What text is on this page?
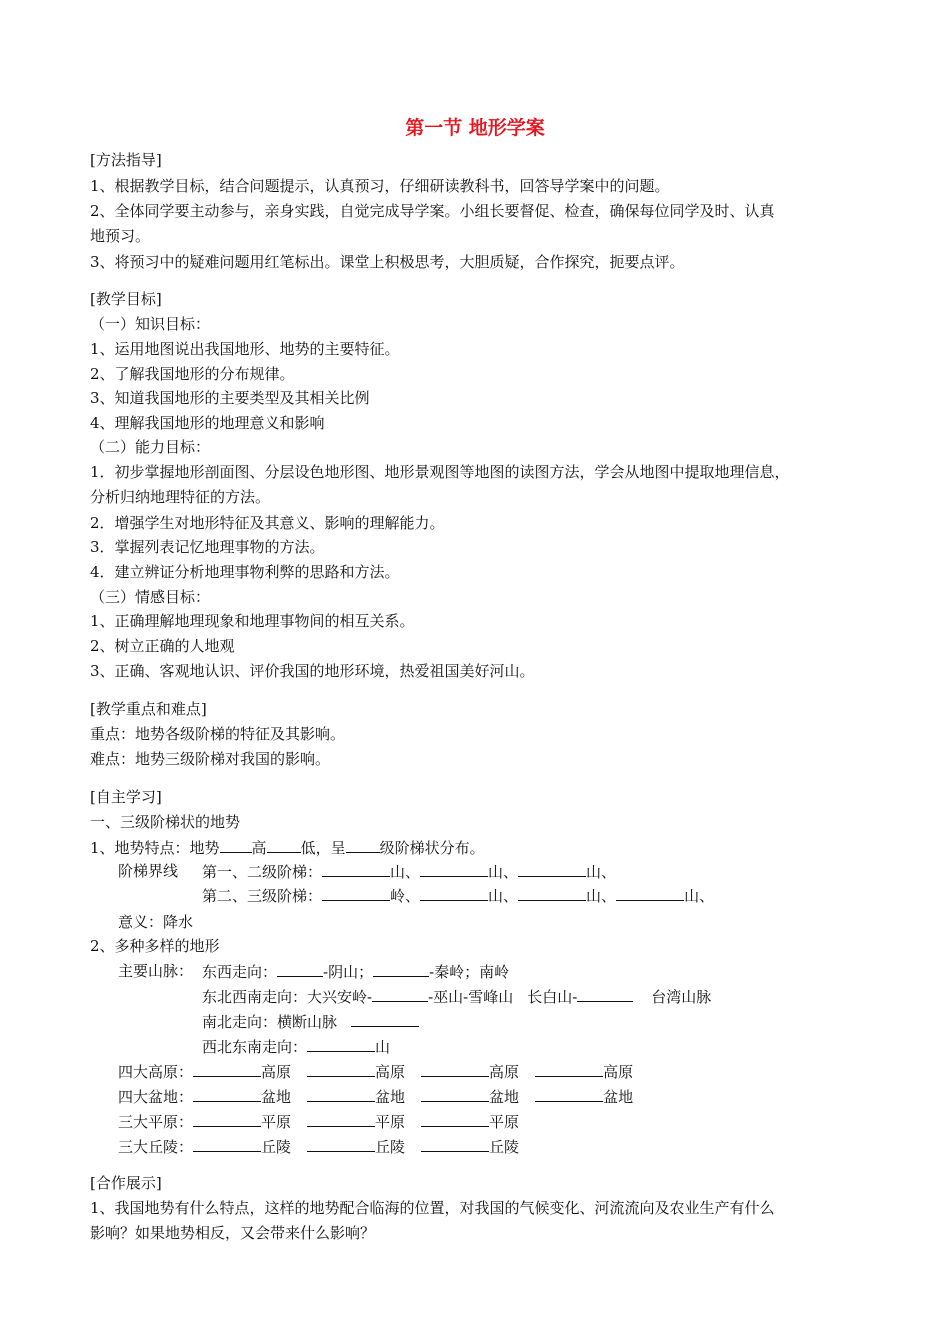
第一节 地形学案
[方法指导]
1、根据教学目标，结合问题提示，认真预习，仔细研读教科书，回答导学案中的问题。
2、全体同学要主动参与，亲身实践，自觉完成导学案。小组长要督促、检查，确保每位同学及时、认真
地预习。
3、将预习中的疑难问题用红笔标出。课堂上积极思考，大胆质疑，合作探究，扼要点评。
[教学目标]
（一）知识目标：
1、运用地图说出我国地形、地势的主要特征。
2、了解我国地形的分布规律。
3、知道我国地形的主要类型及其相关比例
4、理解我国地形的地理意义和影响
（二）能力目标：
1．初步掌握地形剖面图、分层设色地形图、地形景观图等地图的读图方法，学会从地图中提取地理信息，
分析归纳地理特征的方法。
2．增强学生对地形特征及其意义、影响的理解能力。
3．掌握列表记忆地理事物的方法。
4．建立辨证分析地理事物利弊的思路和方法。
（三）情感目标：
1、正确理解地理现象和地理事物间的相互关系。
2、树立正确的人地观
3、正确、客观地认识、评价我国的地形环境，热爱祖国美好河山。
[教学重点和难点]
重点：地势各级阶梯的特征及其影响。
难点：地势三级阶梯对我国的影响。
[自主学习]
一、三级阶梯状的地势
1、地势特点：地势 高 低，呈 级阶梯状分布。
阶梯界线 第一、二级阶梯：	山、	山、	山、
第二、三级阶梯：	岭、	山、	山、	山、
意义：降水
2、多种多样的地形
主要山脉： 东西走向：	-阴山；	-秦岭；南岭
东北西南走向：大兴安岭-	-巫山-雪峰山 长白山-	台湾山脉
南北走向：横断山脉
西北东南走向：	山
四大高原：	高原	高原	高原	高原
四大盆地：	盆地	盆地	盆地	盆地
三大平原：	平原	平原	平原
三大丘陵：	丘陵	丘陵	丘陵
[合作展示]
1、我国地势有什么特点，这样的地势配合临海的位置，对我国的气候变化、河流流向及农业生产有什么
影响？如果地势相反，又会带来什么影响？
